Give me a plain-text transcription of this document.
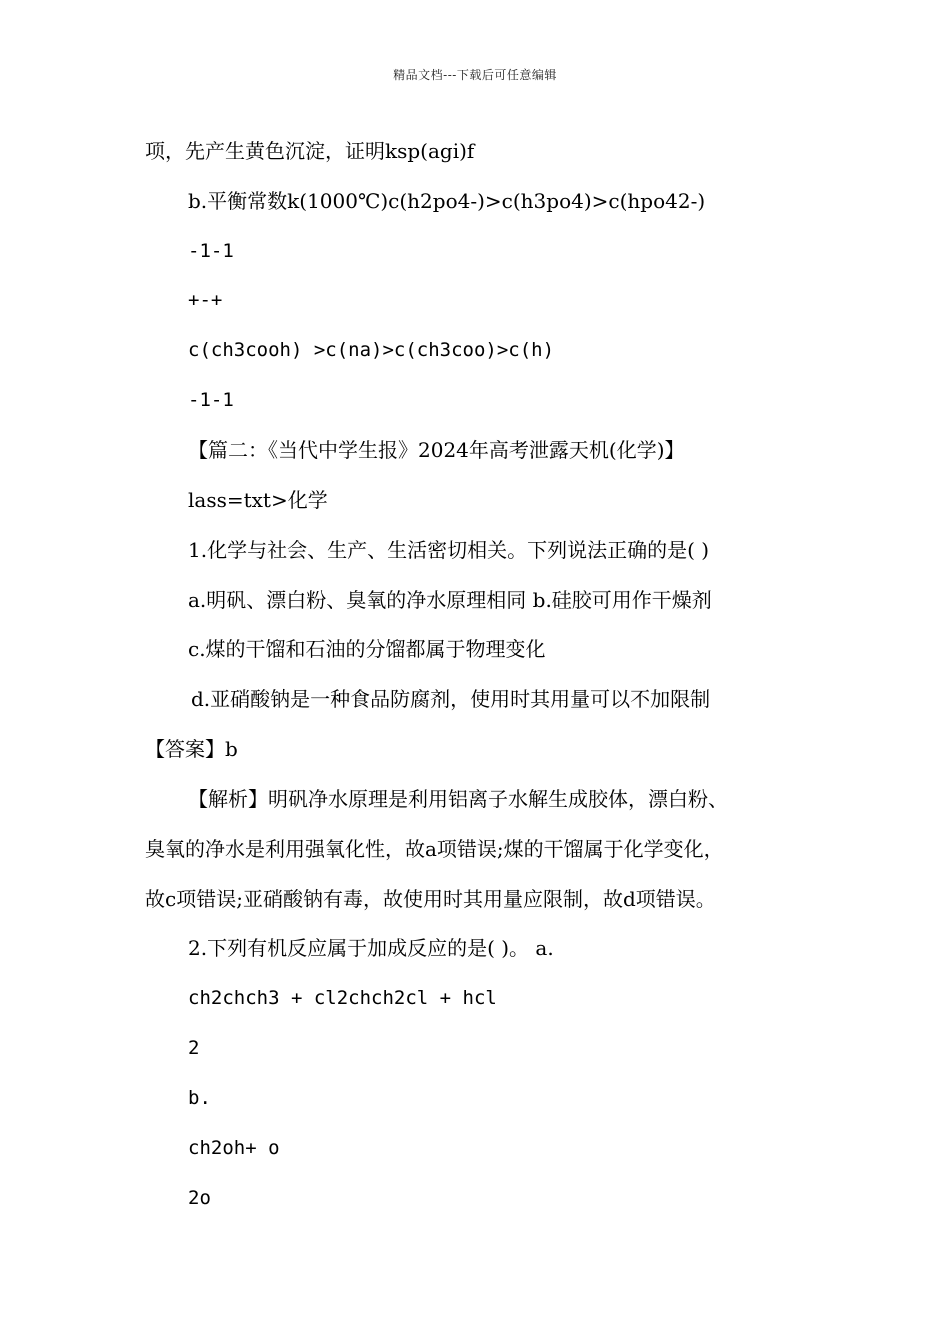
精品文档---下载后可任意编辑
项，先产生黄色沉淀，证明ksp(agi)f
b.平衡常数k(1000℃)c(h2po4-)>c(h3po4)>c(hpo42-)
-1-1
+-+
c(ch3cooh) >c(na)>c(ch3coo)>c(h)
-1-1
【篇二：《当代中学生报》2024年高考泄露天机(化学)】
lass=txt>化学
1.化学与社会、生产、生活密切相关。下列说法正确的是( )
a.明矾、漂白粉、臭氧的净水原理相同 b.硅胶可用作干燥剂
c.煤的干馏和石油的分馏都属于物理变化
d.亚硝酸钠是一种食品防腐剂，使用时其用量可以不加限制
【答案】b
【解析】明矾净水原理是利用铝离子水解生成胶体，漂白粉、
臭氧的净水是利用强氧化性，故a项错误;煤的干馏属于化学变化，
故c项错误;亚硝酸钠有毒，故使用时其用量应限制，故d项错误。
2.下列有机反应属于加成反应的是( )。 a.
ch2chch3 + cl2chch2cl + hcl
2
b.
ch2oh+ o
2o
